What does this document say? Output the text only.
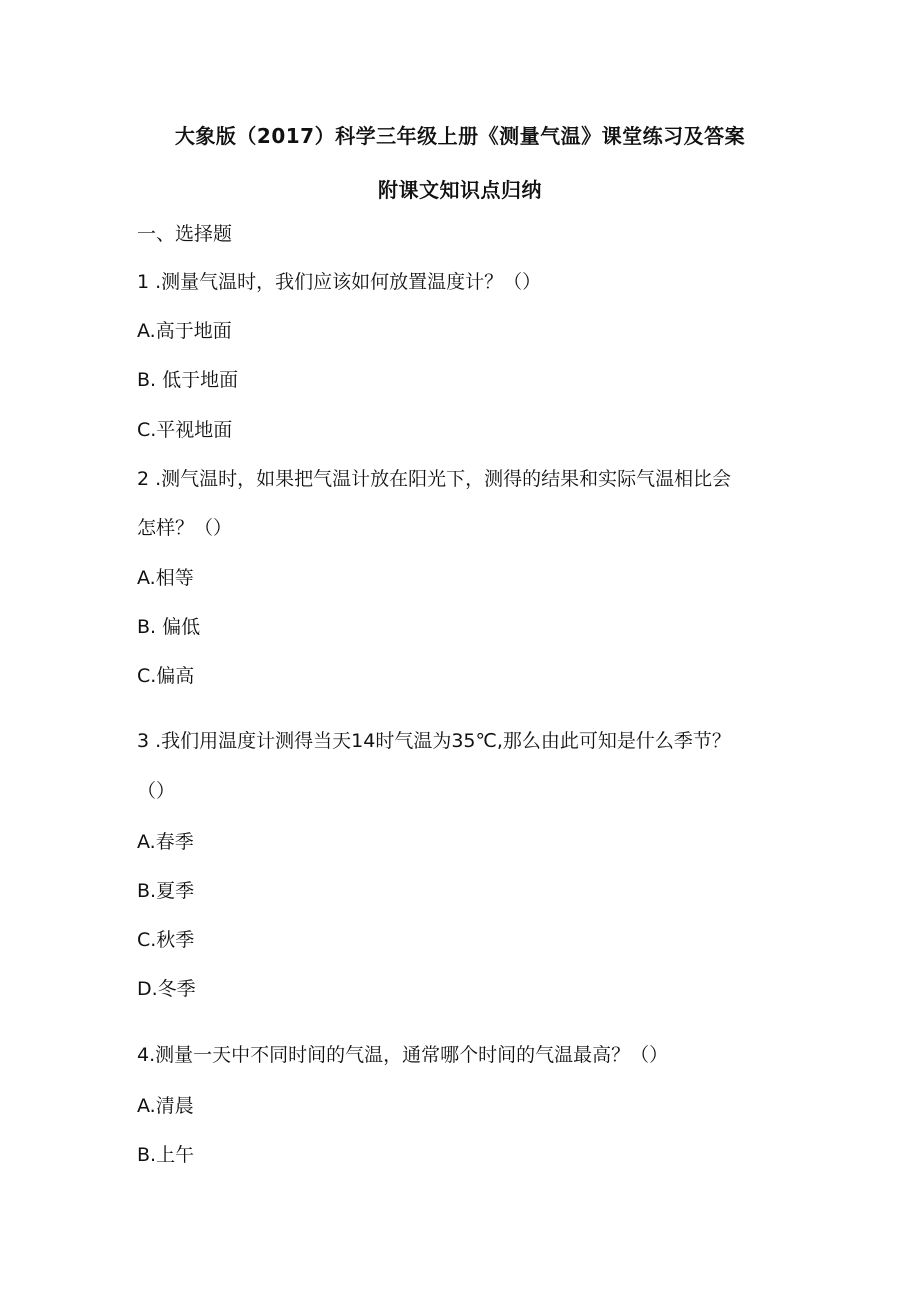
大象版（2017）科学三年级上册《测量气温》课堂练习及答案
附课文知识点归纳
一、选择题
1 .测量气温时，我们应该如何放置温度计？（）
A.高于地面
B. 低于地面
C.平视地面
2 .测气温时，如果把气温计放在阳光下，测得的结果和实际气温相比会
怎样？（）
A.相等
B. 偏低
C.偏高
3 .我们用温度计测得当天14时气温为35℃,那么由此可知是什么季节？
（）
A.春季
B.夏季
C.秋季
D.冬季
4.测量一天中不同时间的气温，通常哪个时间的气温最高？（）
A.清晨
B.上午
